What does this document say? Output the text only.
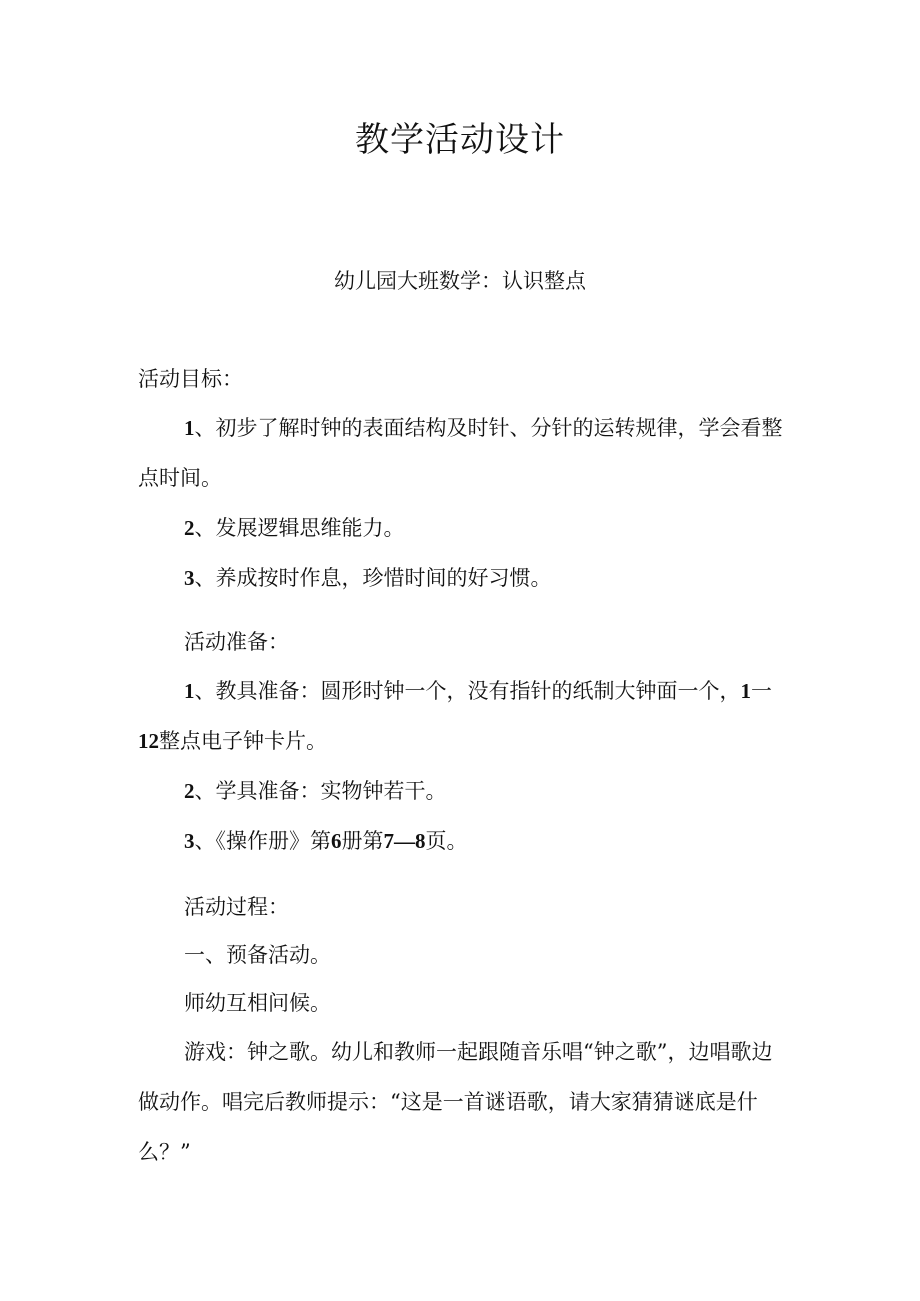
教学活动设计
幼儿园大班数学：认识整点
活动目标：
1、初步了解时钟的表面结构及时针、分针的运转规律，学会看整点时间。
2、发展逻辑思维能力。
3、养成按时作息，珍惜时间的好习惯。
活动准备：
1、教具准备：圆形时钟一个，没有指针的纸制大钟面一个，1一12整点电子钟卡片。
2、学具准备：实物钟若干。
3、《操作册》第6册第7—8页。
活动过程：
一、预备活动。
师幼互相问候。
游戏：钟之歌。幼儿和教师一起跟随音乐唱“钟之歌”，边唱歌边做动作。唱完后教师提示：“这是一首谜语歌，请大家猜猜谜底是什么？”
